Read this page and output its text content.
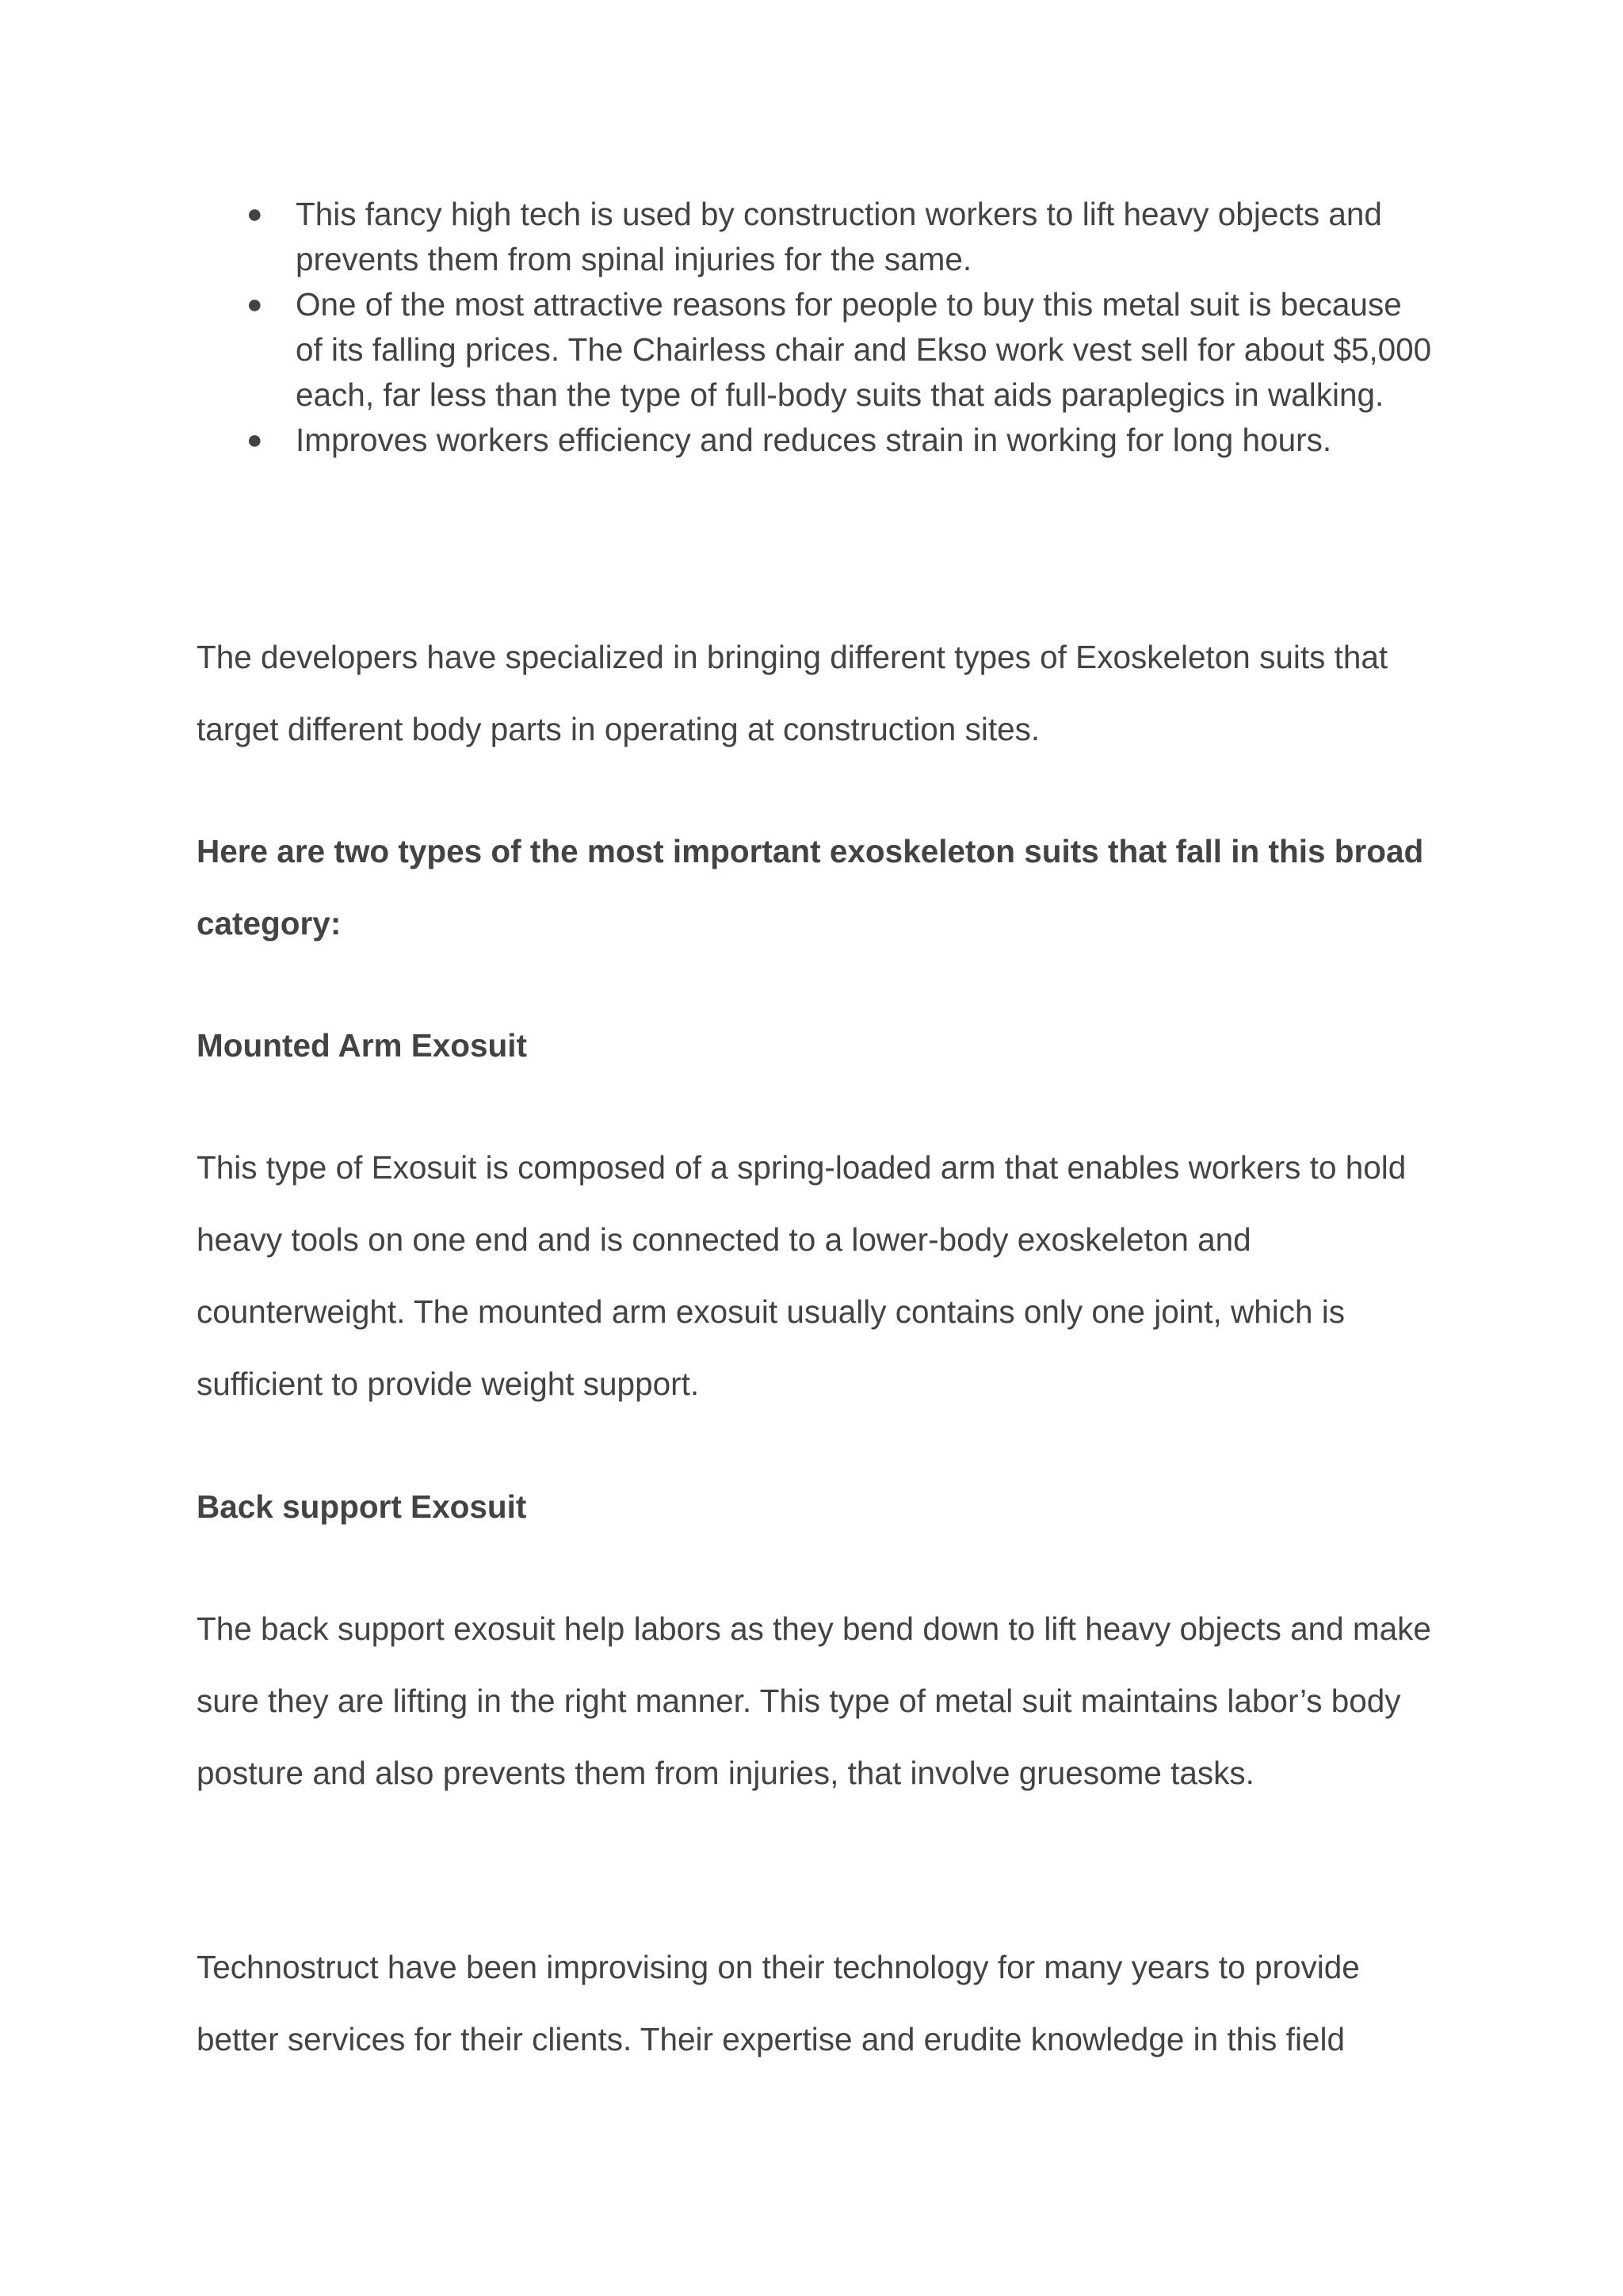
● This fancy high tech is used by construction workers to lift heavy objects and prevents them from spinal injuries for the same.
● One of the most attractive reasons for people to buy this metal suit is because of its falling prices. The Chairless chair and Ekso work vest sell for about $5,000 each, far less than the type of full-body suits that aids paraplegics in walking.
● Improves workers efficiency and reduces strain in working for long hours.

The developers have specialized in bringing different types of Exoskeleton suits that target different body parts in operating at construction sites.

Here are two types of the most important exoskeleton suits that fall in this broad category:

Mounted Arm Exosuit

This type of Exosuit is composed of a spring-loaded arm that enables workers to hold heavy tools on one end and is connected to a lower-body exoskeleton and counterweight. The mounted arm exosuit usually contains only one joint, which is sufficient to provide weight support.

Back support Exosuit

The back support exosuit help labors as they bend down to lift heavy objects and make sure they are lifting in the right manner. This type of metal suit maintains labor’s body posture and also prevents them from injuries, that involve gruesome tasks.

Technostruct have been improvising on their technology for many years to provide better services for their clients. Their expertise and erudite knowledge in this field
